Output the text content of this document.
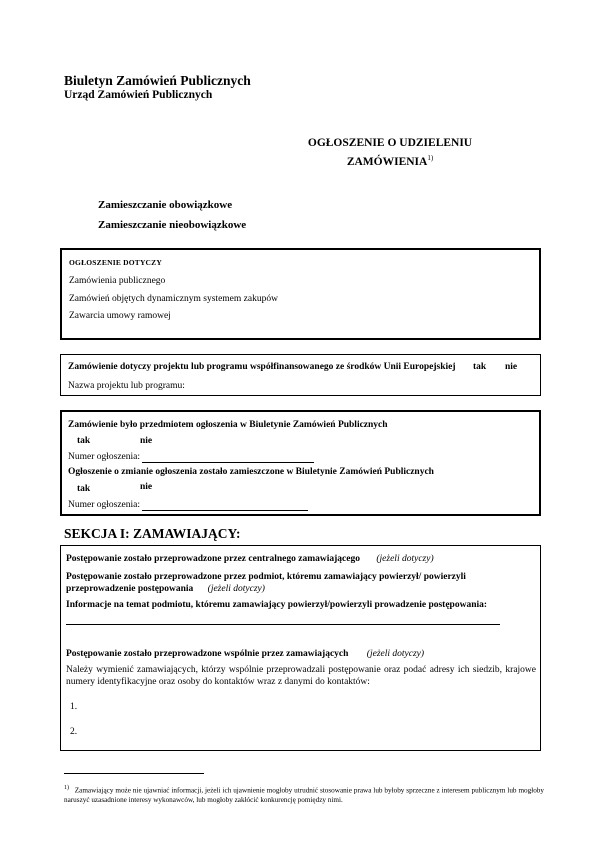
Biuletyn Zamówień Publicznych
Urząd Zamówień Publicznych
OGŁOSZENIE O UDZIELENIU
ZAMÓWIENIA$^{1)}$
Zamieszczanie obowiązkowe
Zamieszczanie nieobowiązkowe
OGŁOSZENIE DOTYCZY
Zamówienia publicznego
Zamówień objętych dynamicznym systemem zakupów
Zawarcia umowy ramowej
Zamówienie dotyczy projektu lub programu współfinansowanego ze środków Unii Europejskiej tak nie
Nazwa projektu lub programu:
Zamówienie było przedmiotem ogłoszenia w Biuletynie Zamówień Publicznych
tak	nie
Numer ogłoszenia:
Ogłoszenie o zmianie ogłoszenia zostało zamieszczone w Biuletynie Zamówień Publicznych
tak	nie
Numer ogłoszenia:
SEKCJA I: ZAMAWIAJĄCY:
Postępowanie zostało przeprowadzone przez centralnego zamawiającego (jeżeli dotyczy)
Postępowanie zostało przeprowadzone przez podmiot, któremu zamawiający powierzył/ powierzyli
przeprowadzenie postępowania (jeżeli dotyczy)
Informacje na temat podmiotu, któremu zamawiający powierzył/powierzyli prowadzenie postępowania:
Postępowanie zostało przeprowadzone wspólnie przez zamawiających (jeżeli dotyczy)
Należy wymienić zamawiających, którzy wspólnie przeprowadzali postępowanie oraz podać adresy ich siedzib, krajowe numery identyfikacyjne oraz osoby do kontaktów wraz z danymi do kontaktów:
1.
2.
$^{1)}$ Zamawiający może nie ujawniać informacji, jeżeli ich ujawnienie mogłoby utrudnić stosowanie prawa lub byłoby sprzeczne z interesem publicznym lub mogłoby naruszyć uzasadnione interesy wykonawców, lub mogłoby zakłócić konkurencję pomiędzy nimi.
